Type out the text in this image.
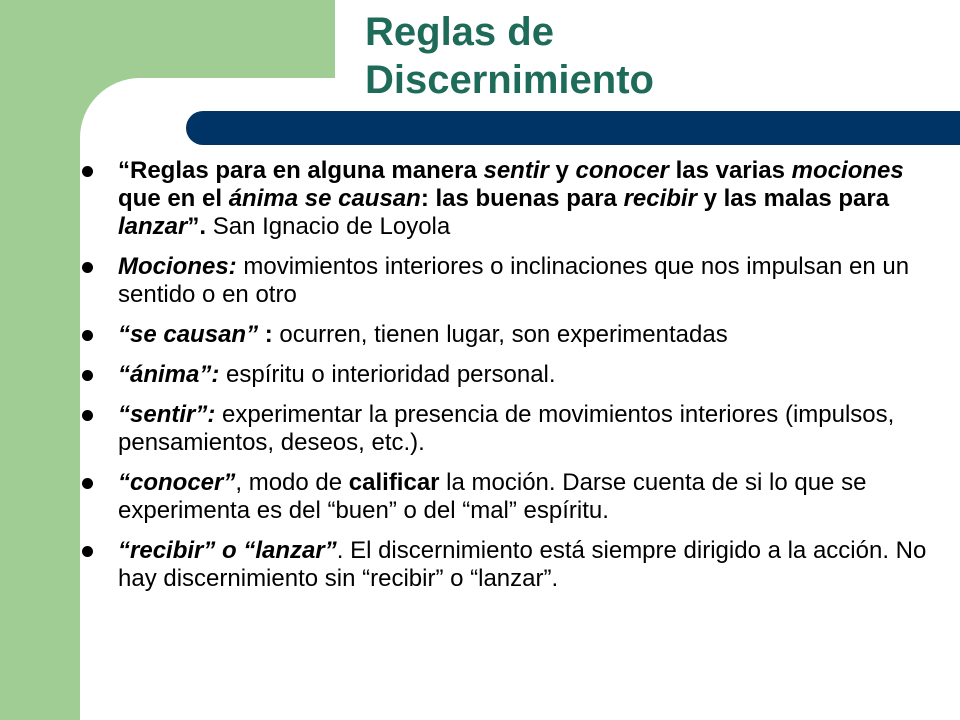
Reglas de
Discernimiento
“Reglas para en alguna manera sentir y conocer las varias mociones que en el ánima se causan: las buenas para recibir y las malas para lanzar”. San Ignacio de Loyola
Mociones: movimientos interiores o inclinaciones que nos impulsan en un sentido o en otro
“se causan” : ocurren, tienen lugar, son experimentadas
“ánima”: espíritu o interioridad personal.
“sentir”: experimentar la presencia de movimientos interiores (impulsos, pensamientos, deseos, etc.).
“conocer”, modo de calificar la moción. Darse cuenta de si lo que se experimenta es del “buen” o del “mal” espíritu.
“recibir” o “lanzar”. El discernimiento está siempre dirigido a la acción. No hay discernimiento sin “recibir” o “lanzar”.
